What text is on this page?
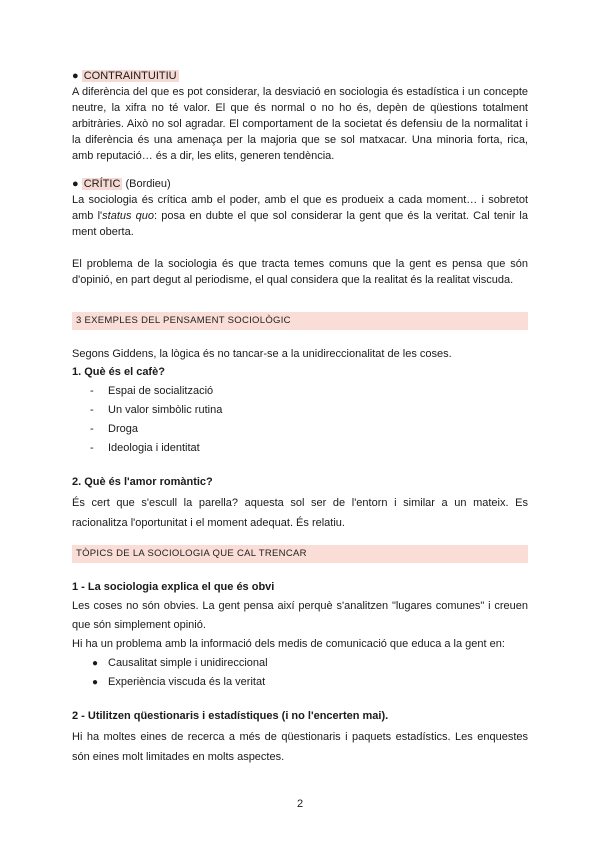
● CONTRAINTUITIU

A diferència del que es pot considerar, la desviació en sociologia és estadística i un concepte neutre, la xifra no té valor. El que és normal o no ho és, depèn de qüestions totalment arbitràries. Això no sol agradar. El comportament de la societat és defensiu de la normalitat i la diferència és una amenaça per la majoria que se sol matxacar. Una minoria forta, rica, amb reputació… és a dir, les elits, generen tendència.

● CRÍTIC (Bordieu)

La sociologia és crítica amb el poder, amb el que es produeix a cada moment… i sobretot amb l'status quo: posa en dubte el que sol considerar la gent que és la veritat. Cal tenir la ment oberta.

El problema de la sociologia és que tracta temes comuns que la gent es pensa que són d'opinió, en part degut al periodisme, el qual considera que la realitat és la realitat viscuda.

3 EXEMPLES DEL PENSAMENT SOCIOLÒGIC

Segons Giddens, la lògica és no tancar-se a la unidireccionalitat de les coses.

1. Què és el cafè?

- Espai de socialització
- Un valor simbòlic rutina
- Droga
- Ideologia i identitat

2. Què és l'amor romàntic?

És cert que s'escull la parella? aquesta sol ser de l'entorn i similar a un mateix. Es racionalitza l'oportunitat i el moment adequat. És relatiu.

TÒPICS DE LA SOCIOLOGIA QUE CAL TRENCAR

1 - La sociologia explica el que és obvi

Les coses no són obvies. La gent pensa així perquè s'analitzen "lugares comunes" i creuen que són simplement opinió.

Hi ha un problema amb la informació dels medis de comunicació que educa a la gent en:

● Causalitat simple i unidireccional
● Experiència viscuda és la veritat

2 - Utilitzen qüestionaris i estadístiques (i no l'encerten mai).

Hi ha moltes eines de recerca a més de qüestionaris i paquets estadístics. Les enquestes són eines molt limitades en molts aspectes.

2
